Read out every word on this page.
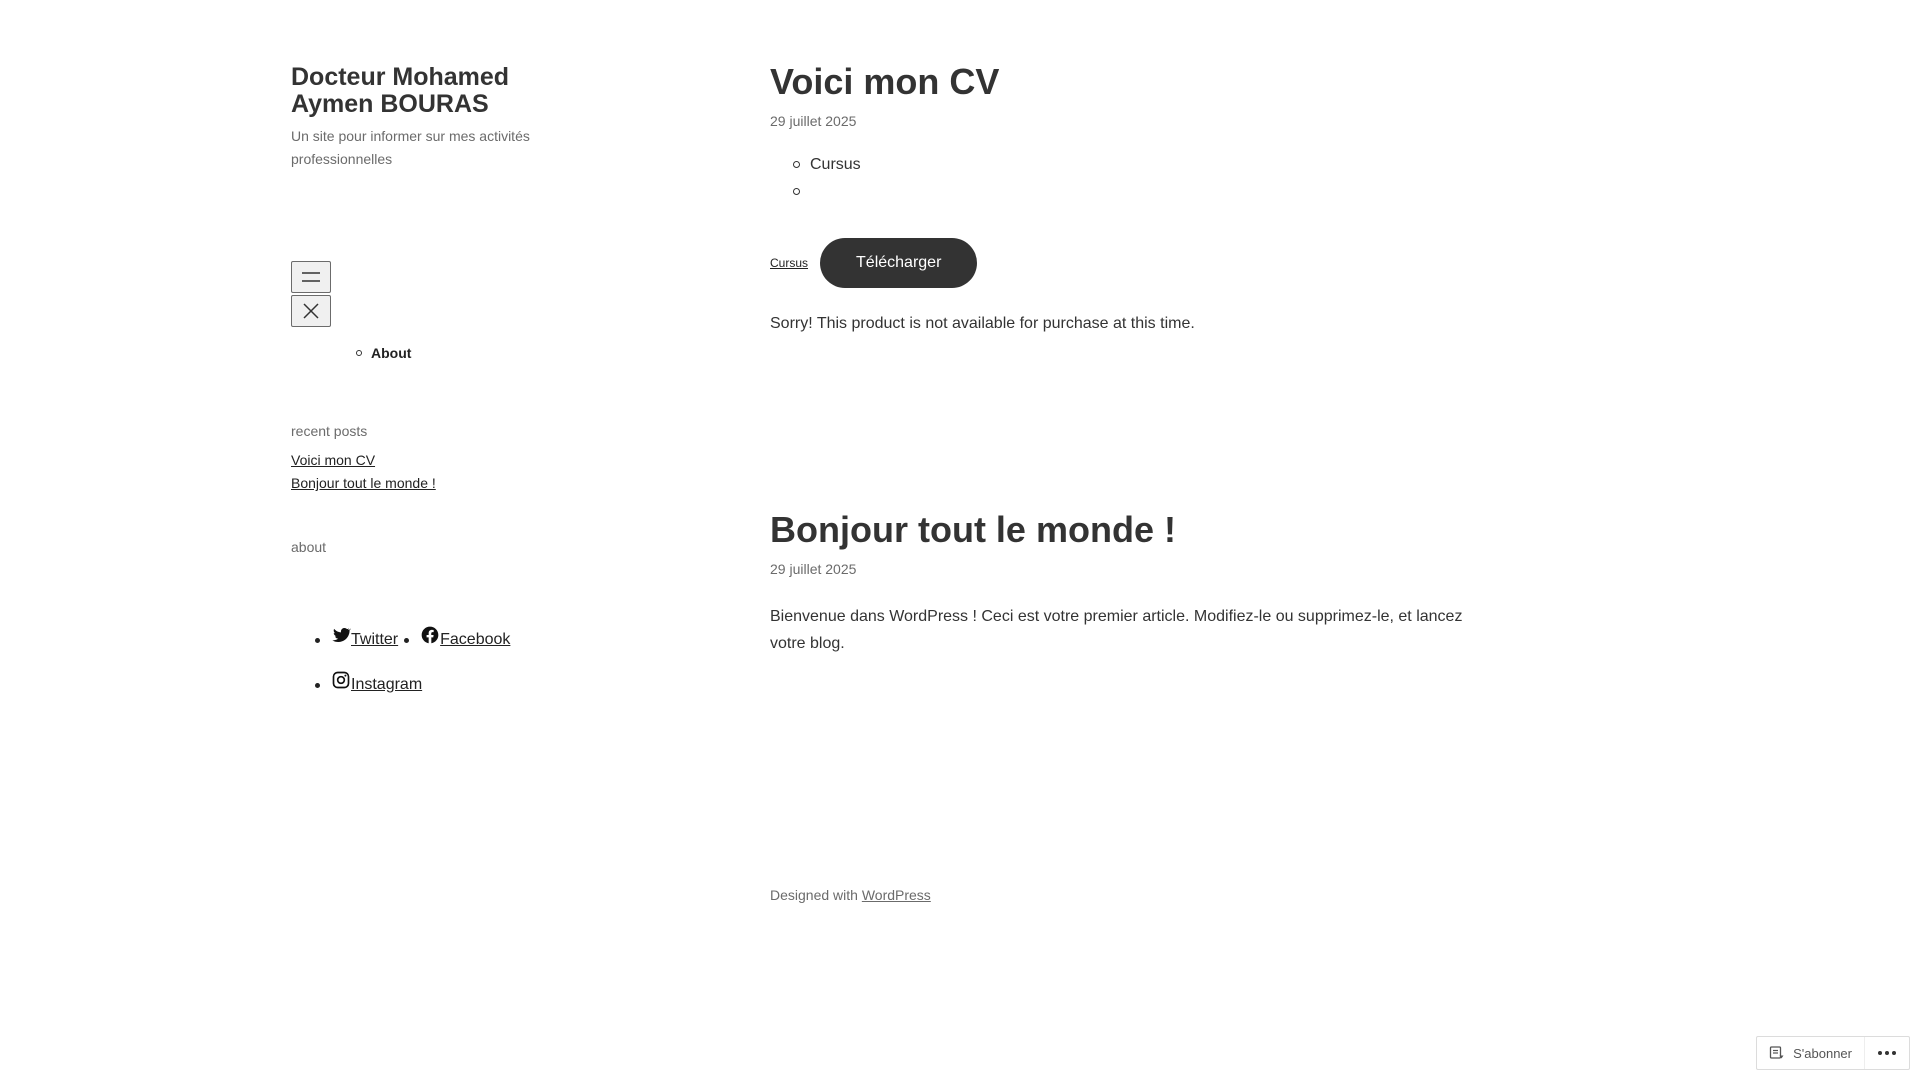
Docteur Mohamed Aymen BOURAS

Un site pour informer sur mes activités professionnelles

About
recent posts
Voici mon CV
Bonjour tout le monde !
about
Twitter	Facebook
Instagram
Voici mon CV

29 juillet 2025

Cursus
Cursus	Télécharger

Sorry! This product is not available for purchase at this time.

Bonjour tout le monde !

29 juillet 2025

Bienvenue dans WordPress ! Ceci est votre premier article. Modifiez-le ou supprimez-le, et lancez votre blog.

Designed with WordPress
S'abonner
